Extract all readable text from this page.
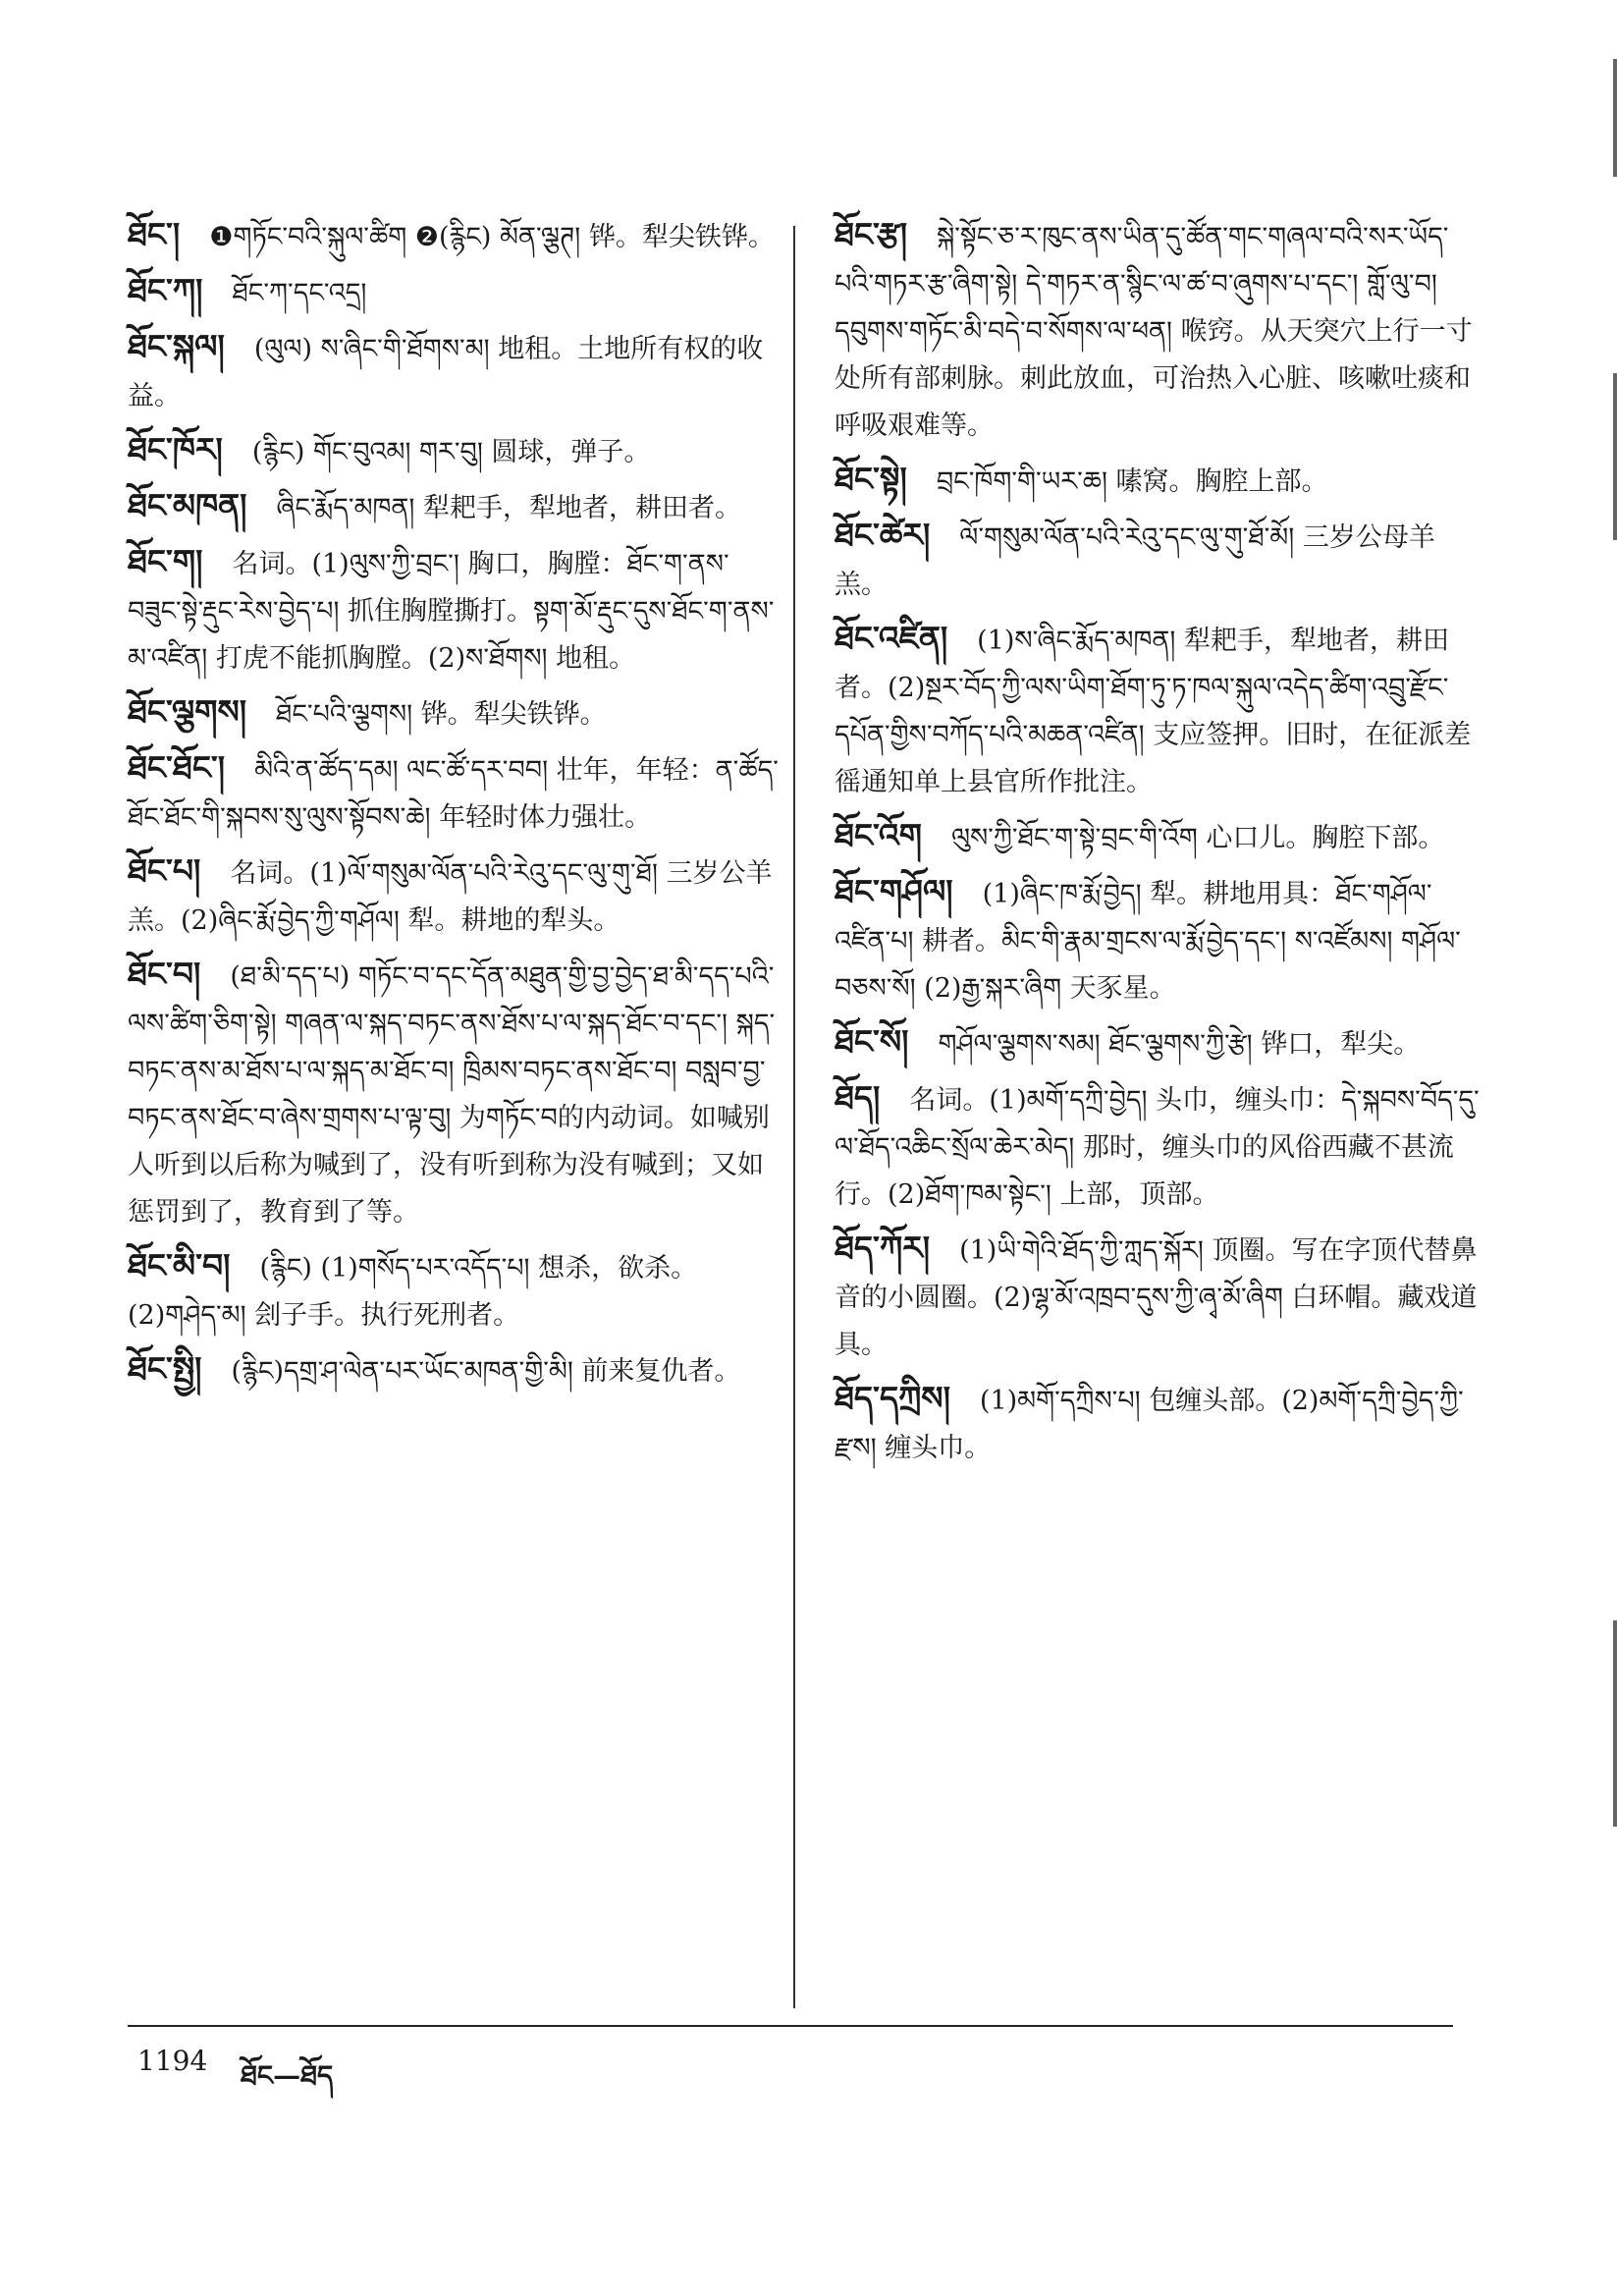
ཐོང་། ❶གཏོང་བའི་སྐུལ་ཚིག ❷(རྙིང) མོན་ལྕཊ། 铧。犁尖铁铧。
ཐོང་ཀ། ཐོང་ཀ་དང་འདྲ།
ཐོང་སྐལ། (ལུལ) ས་ཞིང་གི་ཐོགས་མ། 地租。土地所有权的收益。
ཐོང་ཁོར། (རྙིང) གོང་བུའམ། གར་བུ། 圆球，弹子。
ཐོང་མཁན། ཞིང་རྨོད་མཁན། 犁耙手，犁地者，耕田者。
ཐོང་ག། 名词。(1)ལུས་ཀྱི་བྲང་། 胸口，胸膛：ཐོང་ག་ནས་བཟུང་སྟེ་རྡུང་རེས་བྱེད་པ། 抓住胸膛撕打。སྟག་མོ་རྡུང་དུས་ཐོང་ག་ནས་མ་འཛིན། 打虎不能抓胸膛。(2)ས་ཐོགས། 地租。
ཐོང་ལྕགས། ཐོང་པའི་ལྕགས། 铧。犁尖铁铧。
ཐོང་ཐོང་། མིའི་ན་ཚོད་དམ། ལང་ཚོ་དར་བབ། 壮年，年轻：ན་ཚོད་ཐོང་ཐོང་གི་སྐབས་སུ་ལུས་སྟོབས་ཆེ། 年轻时体力强壮。
ཐོང་པ། 名词。(1)ལོ་གསུམ་ལོན་པའི་རེའུ་དང་ལུ་གུ་ཐོ། 三岁公羊羔。(2)ཞིང་རྨོ་བྱེད་ཀྱི་གཤོལ། 犁。耕地的犁头。
ཐོང་བ། (ཐ་མི་དད་པ) གཏོང་བ་དང་དོན་མཐུན་གྱི་བྱ་བྱེད་ཐ་མི་དད་པའི་ལས་ཚིག་ཅིག་སྟེ། གཞན་ལ་སྐད་བཏང་ནས་ཐོས་པ་ལ་སྐད་ཐོང་བ་དང་། སྐད་བཏང་ནས་མ་ཐོས་པ་ལ་སྐད་མ་ཐོང་བ། ཁྲིམས་བཏང་ནས་ཐོང་བ། བསླབ་བྱ་བཏང་ནས་ཐོང་བ་ཞེས་གྲགས་པ་ལྟ་བུ། 为གཏོང་བ的内动词。如喊别人听到以后称为喊到了，没有听到称为没有喊到；又如惩罚到了，教育到了等。
ཐོང་མི་བ། (རྙིང) (1)གསོད་པར་འདོད་པ། 想杀，欲杀。(2)གཤེད་མ། 刽子手。执行死刑者。
ཐོང་སྤྱི། (རྙིང)དགྲ་ཤ་ལེན་པར་ཡོང་མཁན་གྱི་མི། 前来复仇者。
ཐོང་རྩ། སྐེ་སྟོང་ཅ་ར་ཁུང་ནས་ཡིན་དུ་ཚོན་གང་གཞལ་བའི་སར་ཡོད་པའི་གཏར་རྩ་ཞིག་སྟེ། དེ་གཏར་ན་སྙིང་ལ་ཚ་བ་ཞུགས་པ་དང་། གློ་ལུ་བ། དབུགས་གཏོང་མི་བདེ་བ་སོགས་ལ་ཕན། 喉窍。从天突穴上行一寸处所有部刺脉。刺此放血，可治热入心脏、咳嗽吐痰和呼吸艰难等。
ཐོང་སྟེ། བྲང་ཁོག་གི་ཡར་ཆ། 嗉窝。胸腔上部。
ཐོང་ཚེར། ལོ་གསུམ་ལོན་པའི་རེའུ་དང་ལུ་གུ་ཐོ་མོ། 三岁公母羊羔。
ཐོང་འཛིན། (1)ས་ཞིང་རྨོད་མཁན། 犁耙手，犁地者，耕田者。(2)སྔར་བོད་ཀྱི་ལས་ཡིག་ཐོག་ཏུ་ཏ་ཁལ་སྐུལ་འདེད་ཚིག་འབྲུ་རྫོང་དཔོན་གྱིས་བཀོད་པའི་མཆན་འཛིན། 支应签押。旧时，在征派差徭通知单上县官所作批注。
ཐོང་འོག ལུས་ཀྱི་ཐོང་ག་སྟེ་བྲང་གི་འོག 心口儿。胸腔下部。
ཐོང་གཤོལ། (1)ཞིང་ཁ་རྨོ་བྱེད། 犁。耕地用具：ཐོང་གཤོལ་འཛིན་པ། 耕者。མིང་གི་རྣམ་གྲངས་ལ་རྨོ་བྱེད་དང་། ས་འཛོམས། གཤོལ་བཅས་སོ། (2)རྒྱ་སྐར་ཞིག 天豕星。
ཐོང་སོ། གཤོལ་ལྕགས་སམ། ཐོང་ལྕགས་ཀྱི་རྩེ། 铧口，犁尖。
ཐོད། 名词。(1)མགོ་དཀྲི་བྱེད། 头巾，缠头巾：དེ་སྐབས་བོད་དུ་ལ་ཐོད་འཆིང་སྲོལ་ཆེར་མེད། 那时，缠头巾的风俗西藏不甚流行。(2)ཐོག་ཁམ་སྟེང་། 上部，顶部。
ཐོད་ཀོར། (1)ཡི་གེའི་ཐོད་ཀྱི་ཀླད་སྐོར། 顶圈。写在字顶代替鼻音的小圆圈。(2)ལྷ་མོ་འཁྲབ་དུས་ཀྱི་ཞྭ་མོ་ཞིག 白环帽。藏戏道具。
ཐོད་དཀྲིས། (1)མགོ་དཀྲིས་པ། 包缠头部。(2)མགོ་དཀྲི་བྱེད་ཀྱི་རྫས། 缠头巾。
1194 ཐོང—ཐོད
